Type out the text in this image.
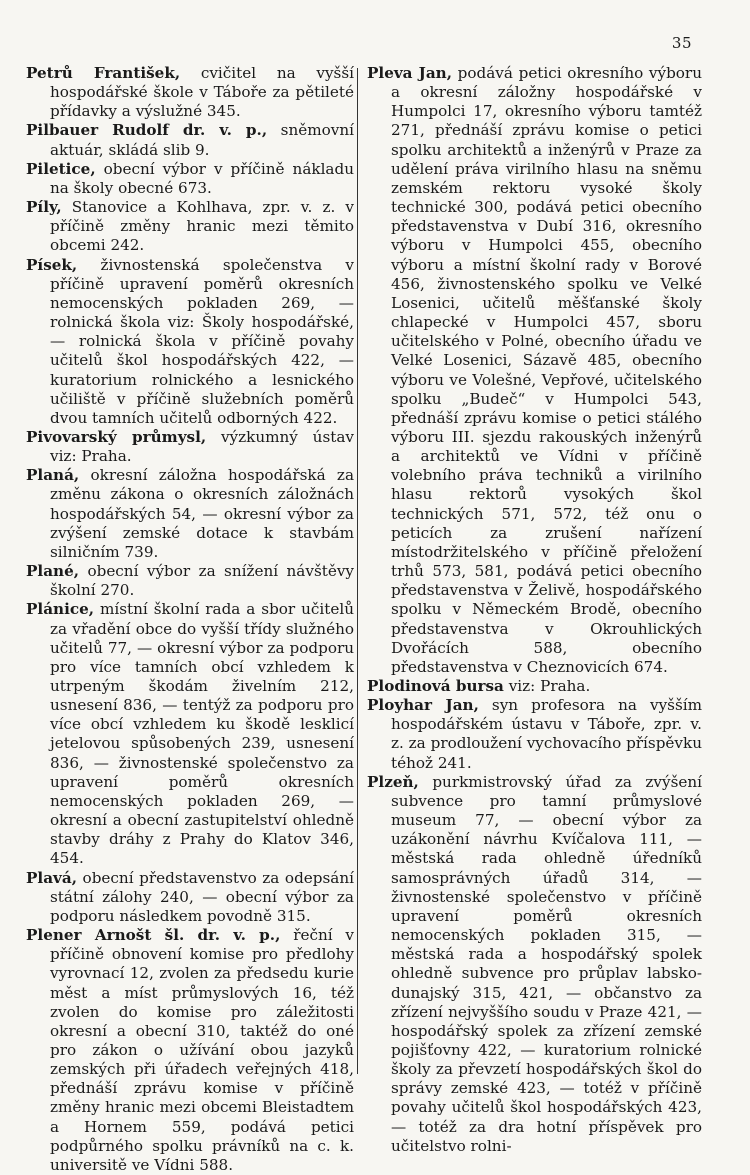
35

Petrů František, cvičitel na vyšší hospodářské škole v Táboře za pětileté přídavky a výslužné 345.

Pilbauer Rudolf dr. v. p., sněmovní aktuár, skládá slib 9.

Piletice, obecní výbor v příčině nákladu na školy obecné 673.

Píly, Stanovice a Kohlhava, zpr. v. z. v příčině změny hranic mezi těmito obcemi 242.

Písek, živnostenská společenstva v příčině upravení poměrů okresních nemocenských pokladen 269, — rolnická škola viz: Školy hospodářské, — rolnická škola v příčině povahy učitelů škol hospodářských 422, — kuratorium rolnického a lesnického učiliště v příčině služebních poměrů dvou tamních učitelů odborných 422.

Pivovarský průmysl, výzkumný ústav viz: Praha.

Planá, okresní záložna hospodářská za změnu zákona o okresních záložnách hospodářských 54, — okresní výbor za zvýšení zemské dotace k stavbám silničním 739.

Plané, obecní výbor za snížení návštěvy školní 270.

Plánice, místní školní rada a sbor učitelů za vřadění obce do vyšší třídy služného učitelů 77, — okresní výbor za podporu pro více tamních obcí vzhledem k utrpeným škodám živelním 212, usnesení 836, — tentýž za podporu pro více obcí vzhledem ku škodě lesklicí jetelovou spůsobených 239, usnesení 836, — živnostenské společenstvo za upravení poměrů okresních nemocenských pokladen 269, — okresní a obecní zastupitelství ohledně stavby dráhy z Prahy do Klatov 346, 454.

Plavá, obecní představenstvo za odepsání státní zálohy 240, — obecní výbor za podporu následkem povodně 315.

Plener Arnošt šl. dr. v. p., řeční v příčině obnovení komise pro předlohy vyrovnací 12, zvolen za předsedu kurie měst a míst průmyslových 16, též zvolen do komise pro záležitosti okresní a obecní 310, taktéž do oné pro zákon o užívání obou jazyků zemských při úřadech veřejných 418, přednáší zprávu komise v příčině změny hranic mezi obcemi Bleistadtem a Hornem 559, podává petici podpůrného spolku právníků na c. k. universitě ve Vídni 588.

Pleva Jan, podává petici okresního výboru a okresní záložny hospodářské v Humpolci 17, okresního výboru tamtéž 271, přednáší zprávu komise o petici spolku architektů a inženýrů v Praze za udělení práva virilního hlasu na sněmu zemském rektoru vysoké školy technické 300, podává petici obecního představenstva v Dubí 316, okresního výboru v Humpolci 455, obecního výboru a místní školní rady v Borové 456, živnostenského spolku ve Velké Losenici, učitelů měšťanské školy chlapecké v Humpolci 457, sboru učitelského v Polné, obecního úřadu ve Velké Losenici, Sázavě 485, obecního výboru ve Volešné, Vepřové, učitelského spolku „Budeč“ v Humpolci 543, přednáší zprávu komise o petici stálého výboru III. sjezdu rakouských inženýrů a architektů ve Vídni v příčině volebního práva techniků a virilního hlasu rektorů vysokých škol technických 571, 572, též onu o peticích za zrušení nařízení místodržitelského v příčině přeložení trhů 573, 581, podává petici obecního představenstva v Želivě, hospodářského spolku v Německém Brodě, obecního představenstva v Okrouhlických Dvořácích 588, obecního představenstva v Cheznovicích 674.

Plodinová bursa viz: Praha.

Ployhar Jan, syn profesora na vyšším hospodářském ústavu v Táboře, zpr. v. z. za prodloužení vychovacího příspěvku téhož 241.

Plzeň, purkmistrovský úřad za zvýšení subvence pro tamní průmyslové museum 77, — obecní výbor za uzákonění návrhu Kvíčalova 111, — městská rada ohledně úředníků samosprávných úřadů 314, — živnostenské společenstvo v příčině upravení poměrů okresních nemocenských pokladen 315, — městská rada a hospodářský spolek ohledně subvence pro průplav labsko-dunajský 315, 421, — občanstvo za zřízení nejvyššího soudu v Praze 421, — hospodářský spolek za zřízení zemské pojišťovny 422, — kuratorium rolnické školy za převzetí hospodářských škol do správy zemské 423, — totéž v příčině povahy učitelů škol hospodářských 423, — totéž za dra hotní příspěvek pro učitelstvo rolni-
